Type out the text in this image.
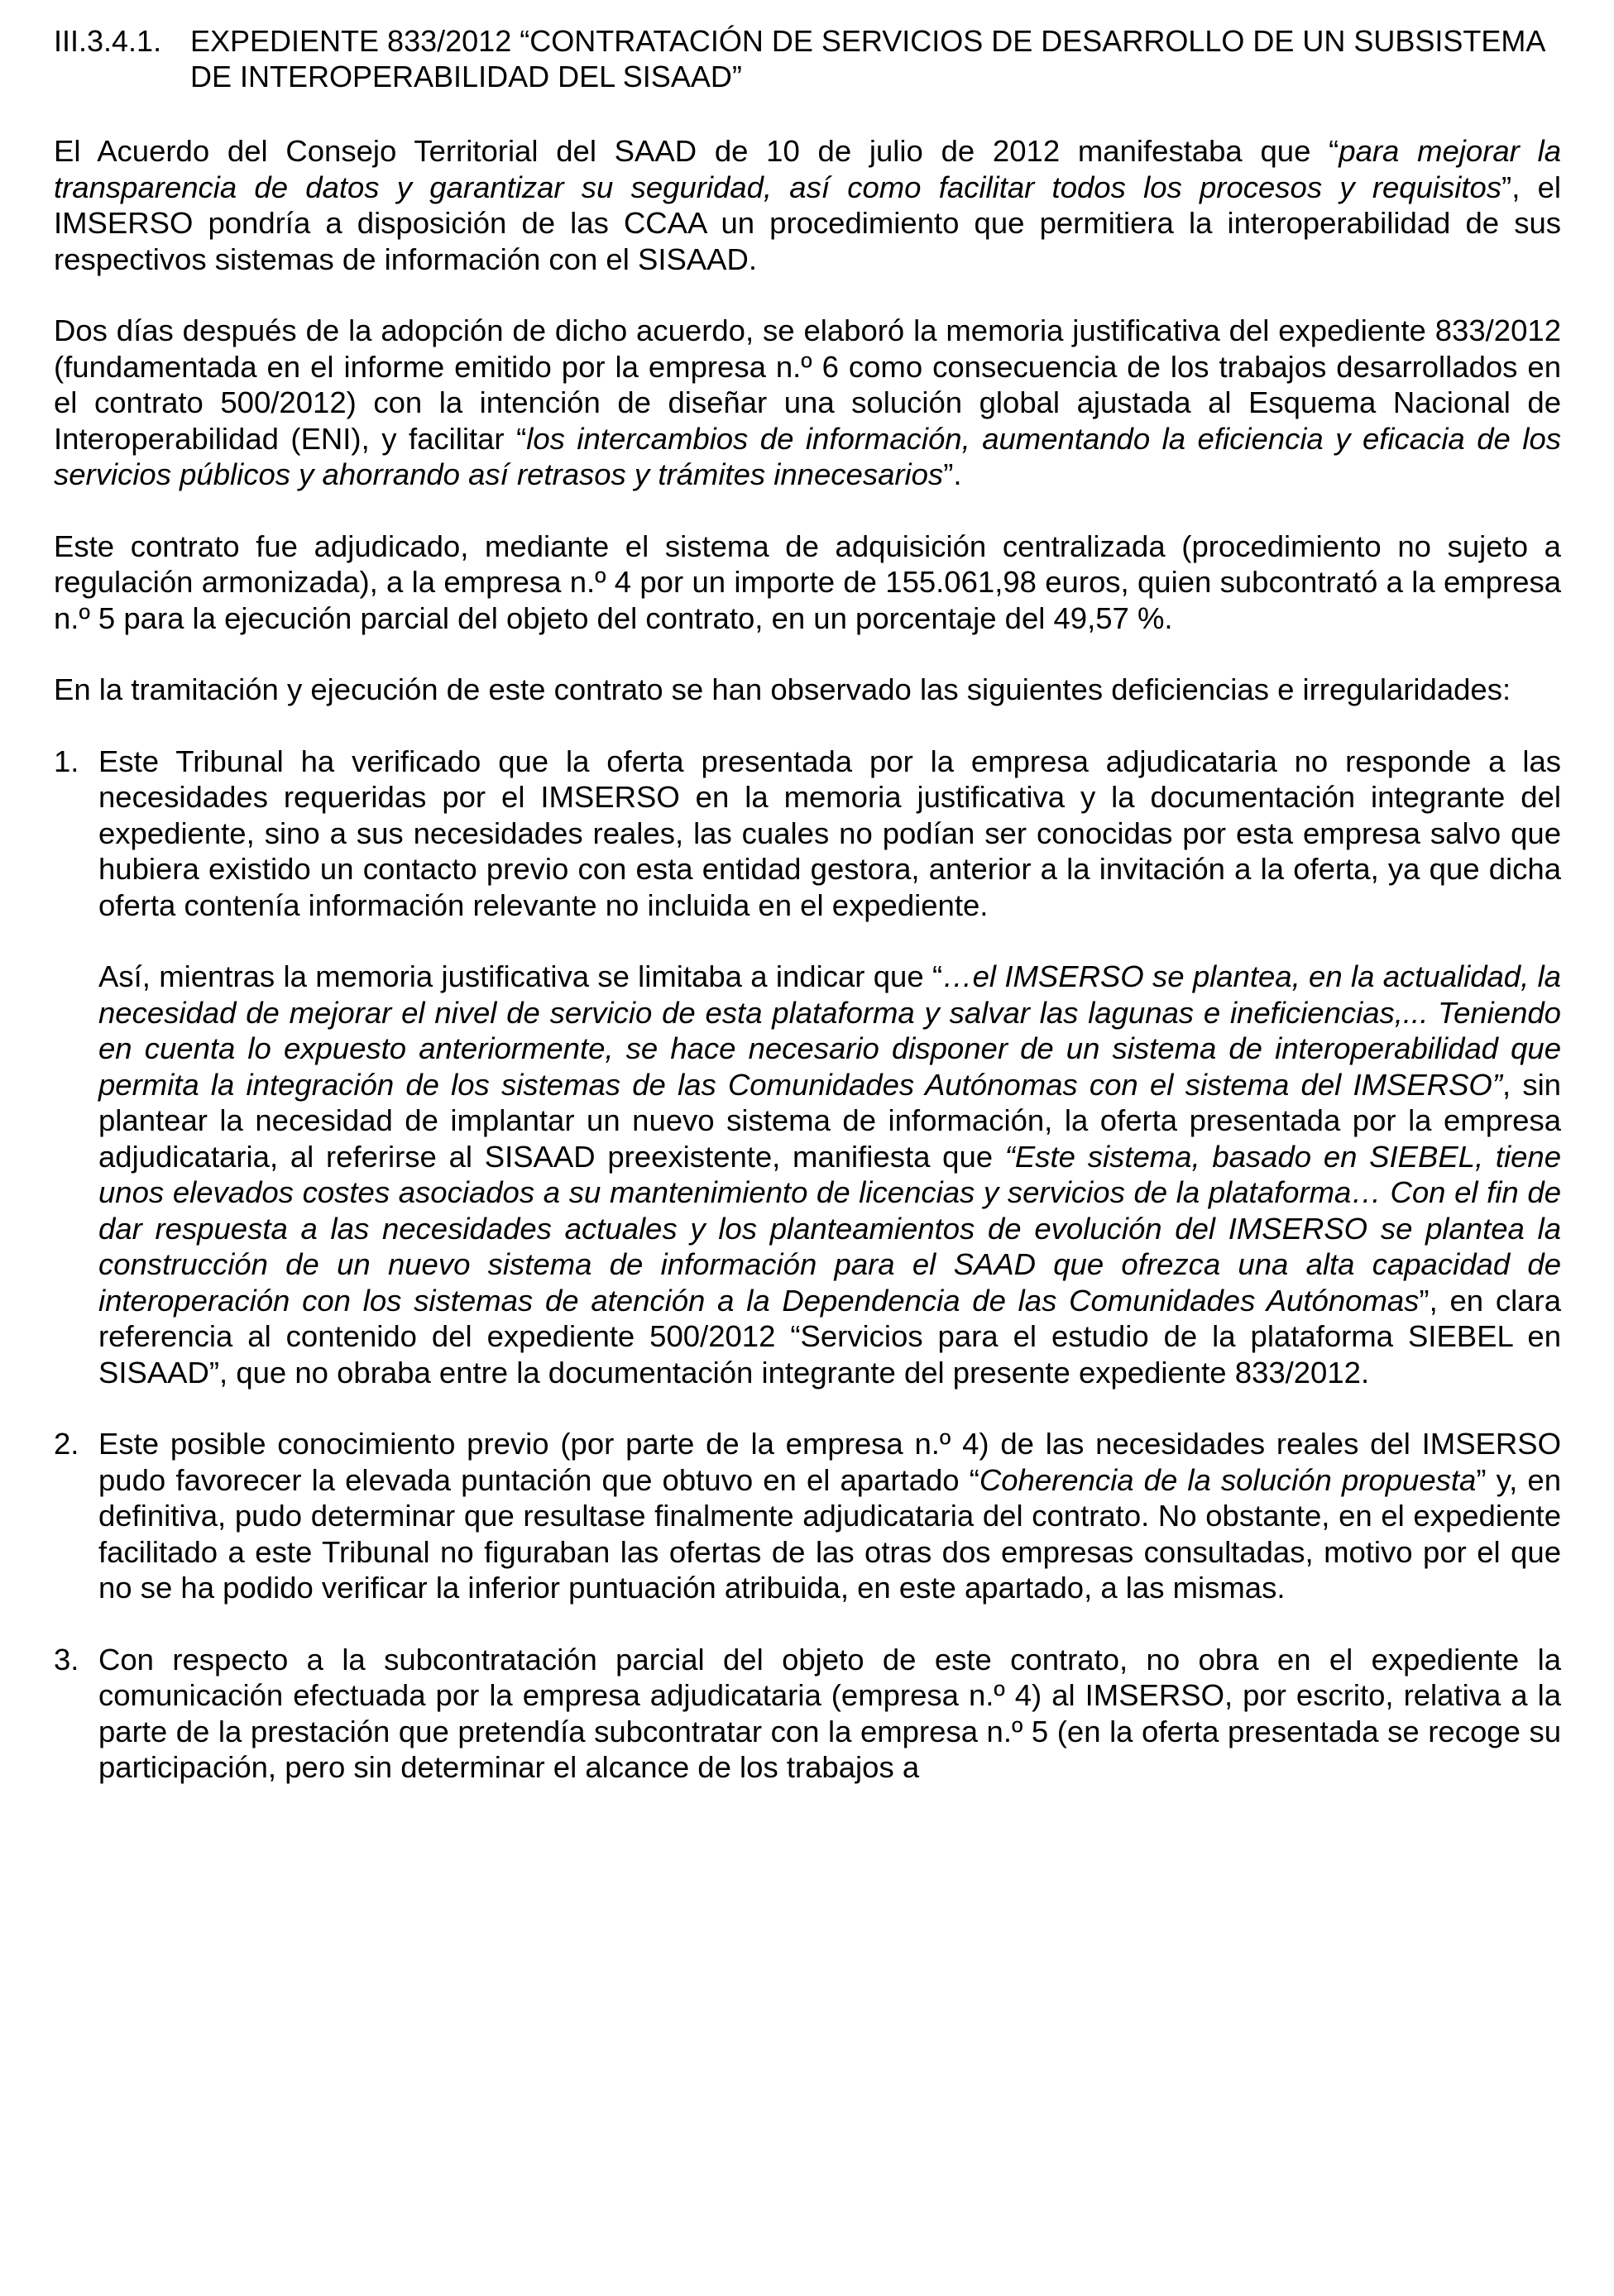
III.3.4.1. EXPEDIENTE 833/2012 “CONTRATACIÓN DE SERVICIOS DE DESARROLLO DE UN SUBSISTEMA DE INTEROPERABILIDAD DEL SISAAD”

El Acuerdo del Consejo Territorial del SAAD de 10 de julio de 2012 manifestaba que “para mejorar la transparencia de datos y garantizar su seguridad, así como facilitar todos los procesos y requisitos”, el IMSERSO pondría a disposición de las CCAA un procedimiento que permitiera la interoperabilidad de sus respectivos sistemas de información con el SISAAD.

Dos días después de la adopción de dicho acuerdo, se elaboró la memoria justificativa del expediente 833/2012 (fundamentada en el informe emitido por la empresa n.º 6 como consecuencia de los trabajos desarrollados en el contrato 500/2012) con la intención de diseñar una solución global ajustada al Esquema Nacional de Interoperabilidad (ENI), y facilitar “los intercambios de información, aumentando la eficiencia y eficacia de los servicios públicos y ahorrando así retrasos y trámites innecesarios”.

Este contrato fue adjudicado, mediante el sistema de adquisición centralizada (procedimiento no sujeto a regulación armonizada), a la empresa n.º 4 por un importe de 155.061,98 euros, quien subcontrató a la empresa n.º 5 para la ejecución parcial del objeto del contrato, en un porcentaje del 49,57 %.

En la tramitación y ejecución de este contrato se han observado las siguientes deficiencias e irregularidades:

1. Este Tribunal ha verificado que la oferta presentada por la empresa adjudicataria no responde a las necesidades requeridas por el IMSERSO en la memoria justificativa y la documentación integrante del expediente, sino a sus necesidades reales, las cuales no podían ser conocidas por esta empresa salvo que hubiera existido un contacto previo con esta entidad gestora, anterior a la invitación a la oferta, ya que dicha oferta contenía información relevante no incluida en el expediente.

Así, mientras la memoria justificativa se limitaba a indicar que “…el IMSERSO se plantea, en la actualidad, la necesidad de mejorar el nivel de servicio de esta plataforma y salvar las lagunas e ineficiencias,... Teniendo en cuenta lo expuesto anteriormente, se hace necesario disponer de un sistema de interoperabilidad que permita la integración de los sistemas de las Comunidades Autónomas con el sistema del IMSERSO”, sin plantear la necesidad de implantar un nuevo sistema de información, la oferta presentada por la empresa adjudicataria, al referirse al SISAAD preexistente, manifiesta que “Este sistema, basado en SIEBEL, tiene unos elevados costes asociados a su mantenimiento de licencias y servicios de la plataforma… Con el fin de dar respuesta a las necesidades actuales y los planteamientos de evolución del IMSERSO se plantea la construcción de un nuevo sistema de información para el SAAD que ofrezca una alta capacidad de interoperación con los sistemas de atención a la Dependencia de las Comunidades Autónomas”, en clara referencia al contenido del expediente 500/2012 “Servicios para el estudio de la plataforma SIEBEL en SISAAD”, que no obraba entre la documentación integrante del presente expediente 833/2012.

2. Este posible conocimiento previo (por parte de la empresa n.º 4) de las necesidades reales del IMSERSO pudo favorecer la elevada puntación que obtuvo en el apartado “Coherencia de la solución propuesta” y, en definitiva, pudo determinar que resultase finalmente adjudicataria del contrato. No obstante, en el expediente facilitado a este Tribunal no figuraban las ofertas de las otras dos empresas consultadas, motivo por el que no se ha podido verificar la inferior puntuación atribuida, en este apartado, a las mismas.

3. Con respecto a la subcontratación parcial del objeto de este contrato, no obra en el expediente la comunicación efectuada por la empresa adjudicataria (empresa n.º 4) al IMSERSO, por escrito, relativa a la parte de la prestación que pretendía subcontratar con la empresa n.º 5 (en la oferta presentada se recoge su participación, pero sin determinar el alcance de los trabajos a
